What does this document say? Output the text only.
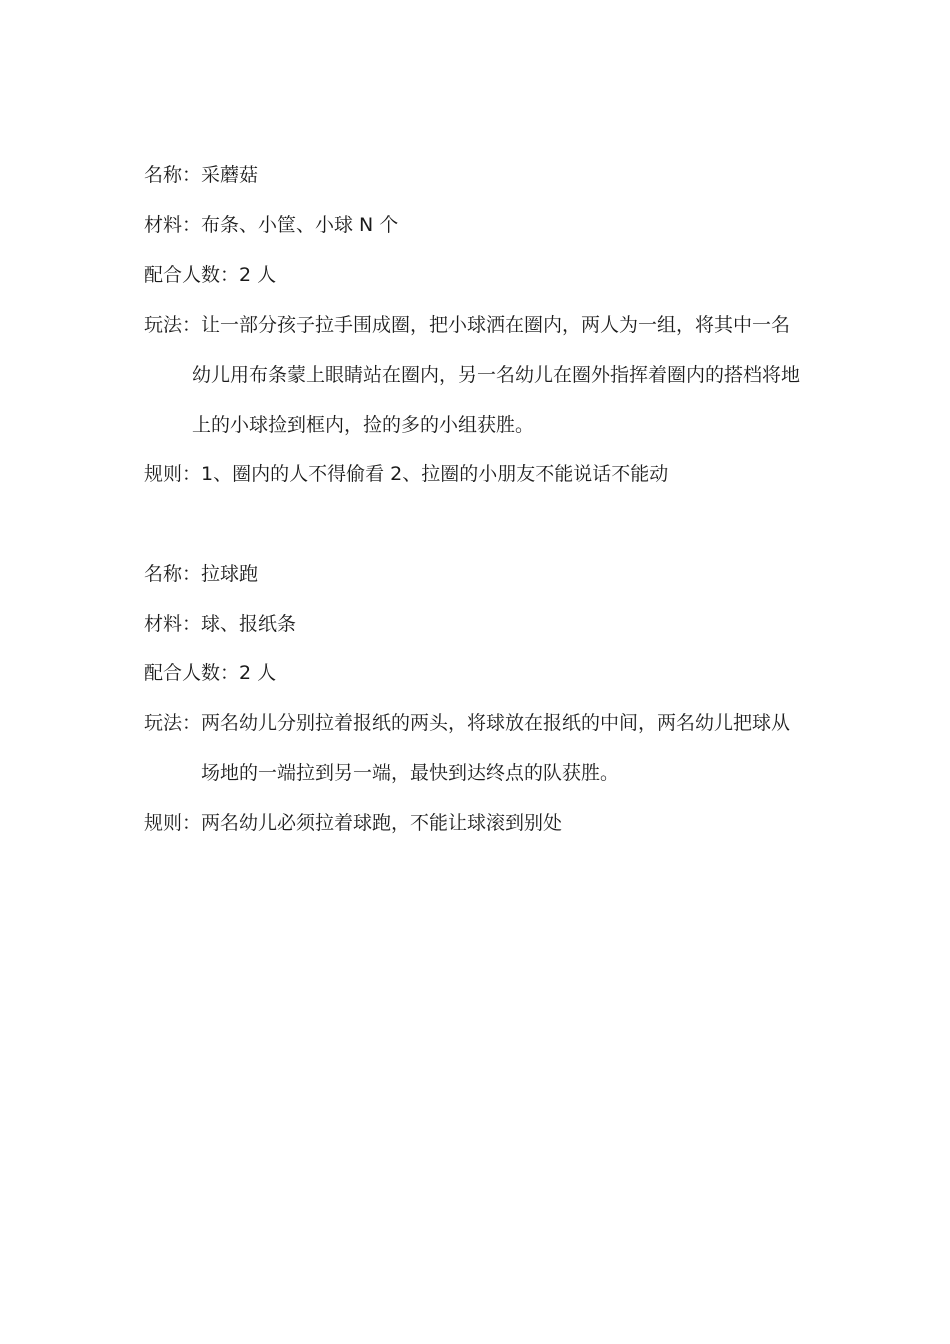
名称：采蘑菇
材料：布条、小筐、小球 N 个
配合人数：2 人
玩法：让一部分孩子拉手围成圈，把小球洒在圈内，两人为一组，将其中一名
幼儿用布条蒙上眼睛站在圈内，另一名幼儿在圈外指挥着圈内的搭档将地
上的小球捡到框内，捡的多的小组获胜。
规则：1、圈内的人不得偷看 2、拉圈的小朋友不能说话不能动
名称：拉球跑
材料：球、报纸条
配合人数：2 人
玩法：两名幼儿分别拉着报纸的两头，将球放在报纸的中间，两名幼儿把球从
场地的一端拉到另一端，最快到达终点的队获胜。
规则：两名幼儿必须拉着球跑，不能让球滚到别处
